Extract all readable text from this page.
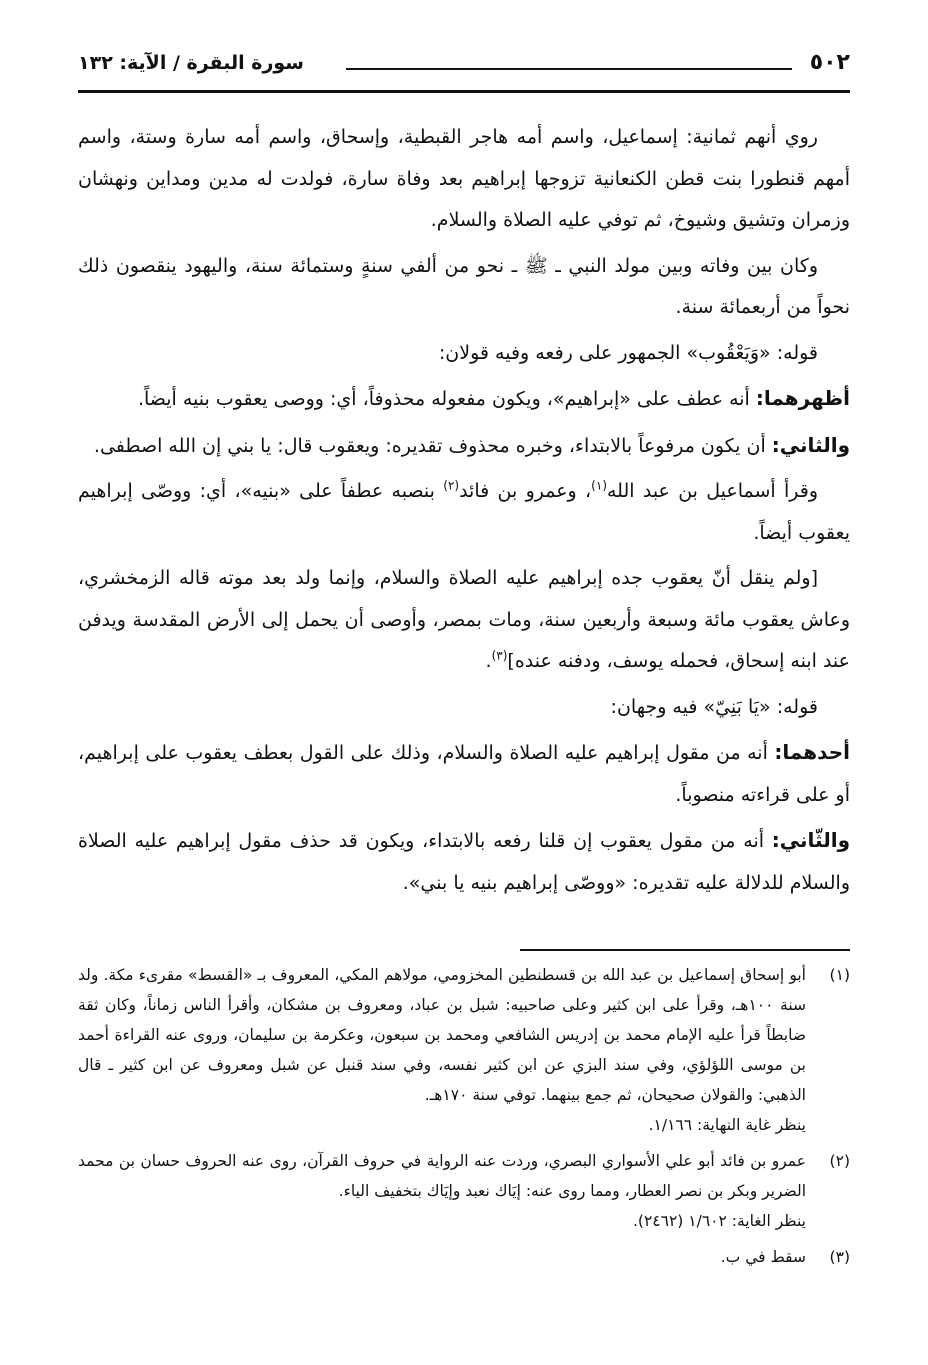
٥٠٢
سورة البقرة / الآية: ١٣٢

روي أنهم ثمانية: إسماعيل، واسم أمه هاجر القبطية، وإسحاق، واسم أمه سارة وستة، واسم أمهم قنطورا بنت قطن الكنعانية تزوجها إبراهيم بعد وفاة سارة، فولدت له مدين ومداين ونهشان وزمران وتشيق وشيوخ، ثم توفي عليه الصلاة والسلام.

وكان بين وفاته وبين مولد النبي ـ ﷺ ـ نحو من ألفي سنةٍ وستمائة سنة، واليهود ينقصون ذلك نحواً من أربعمائة سنة.

قوله: «وَيَعْقُوب» الجمهور على رفعه وفيه قولان:

أظهرهما: أنه عطف على «إبراهيم»، ويكون مفعوله محذوفاً، أي: ووصى يعقوب بنيه أيضاً.

والثاني: أن يكون مرفوعاً بالابتداء، وخبره محذوف تقديره: ويعقوب قال: يا بني إن الله اصطفى.

وقرأ أسماعيل بن عبد الله$^{(١)}$، وعمرو بن فائد$^{(٢)}$ بنصبه عطفاً على «بنيه»، أي: ووصّى إبراهيم يعقوب أيضاً.

[ولم ينقل أنّ يعقوب جده إبراهيم عليه الصلاة والسلام، وإنما ولد بعد موته قاله الزمخشري، وعاش يعقوب مائة وسبعة وأربعين سنة، ومات بمصر، وأوصى أن يحمل إلى الأرض المقدسة ويدفن عند ابنه إسحاق، فحمله يوسف، ودفنه عنده]$^{(٣)}$.

قوله: «يَا بَنِيّ» فيه وجهان:

أحدهما: أنه من مقول إبراهيم عليه الصلاة والسلام، وذلك على القول بعطف يعقوب على إبراهيم، أو على قراءته منصوباً.

والثّاني: أنه من مقول يعقوب إن قلنا رفعه بالابتداء، ويكون قد حذف مقول إبراهيم عليه الصلاة والسلام للدلالة عليه تقديره: «ووصّى إبراهيم بنيه يا بني».

(١)
أبو إسحاق إسماعيل بن عبد الله بن قسطنطين المخزومي، مولاهم المكي، المعروف بـ «القسط» مقرىء مكة. ولد سنة ١٠٠هـ، وقرأ على ابن كثير وعلى صاحبيه: شبل بن عباد، ومعروف بن مشكان، وأقرأ الناس زماناً، وكان ثقة ضابطاً قرأ عليه الإمام محمد بن إدريس الشافعي ومحمد بن سبعون، وعكرمة بن سليمان، وروى عنه القراءة أحمد بن موسى اللؤلؤي، وفي سند البزي عن ابن كثير نفسه، وفي سند قنبل عن شبل ومعروف عن ابن كثير ـ قال الذهبي: والقولان صحيحان، ثم جمع بينهما. توفي سنة ١٧٠هـ.
ينظر غاية النهاية: ١/١٦٦.
(٢)
عمرو بن فائد أبو علي الأسواري البصري، وردت عنه الرواية في حروف القرآن، روى عنه الحروف حسان بن محمد الضرير وبكر بن نصر العطار، ومما روى عنه: إيَاك نعبد وإيَاك بتخفيف الياء.
ينظر الغاية: ١/٦٠٢ (٢٤٦٢).
(٣)
سقط في ب.
